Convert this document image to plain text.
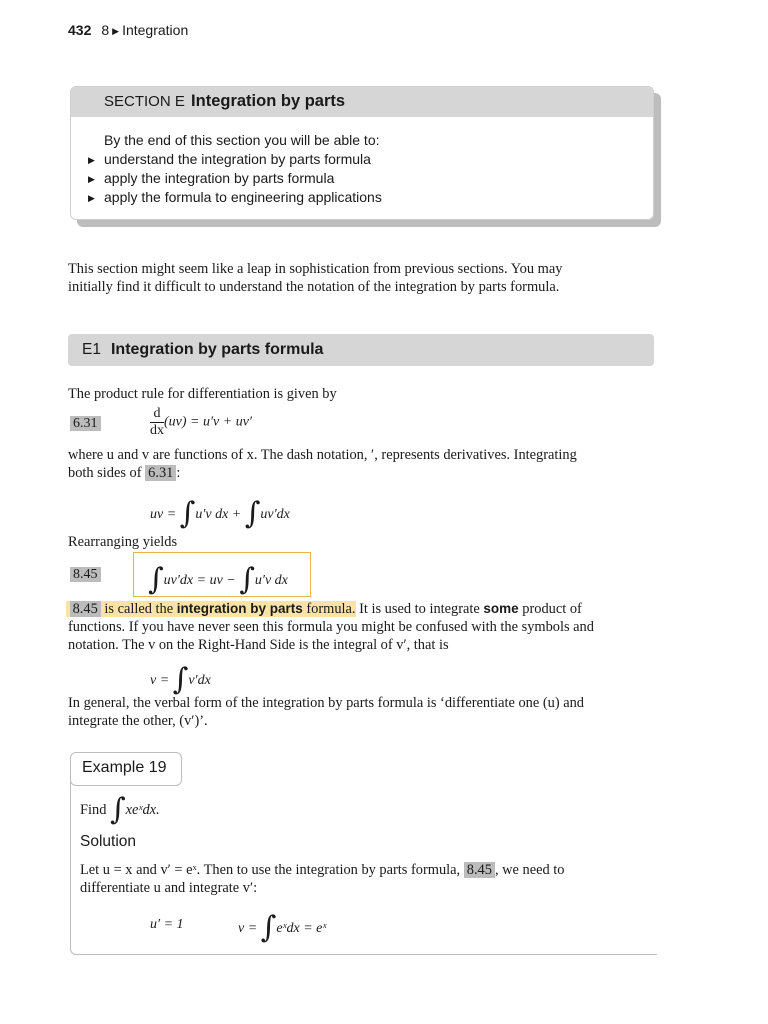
432 8 ▶ Integration
SECTION E Integration by parts
By the end of this section you will be able to:
▶ understand the integration by parts formula
▶ apply the integration by parts formula
▶ apply the formula to engineering applications
This section might seem like a leap in sophistication from previous sections. You may
initially find it difficult to understand the notation of the integration by parts formula.
E1 Integration by parts formula
The product rule for differentiation is given by
6.31	$\frac{d}{dx} (uv) = u'v + uv'$
where u and v are functions of x. The dash notation, ′, represents derivatives. Integrating
both sides of 6.31 :
uv = ∫u′v dx + ∫uv′dx
Rearranging yields
8.45 ∫uv′dx = uv − ∫u′v dx
8.45 is called the integration by parts formula. It is used to integrate some product of
functions. If you have never seen this formula you might be confused with the symbols and
notation. The v on the Right-Hand Side is the integral of v′, that is
v = ∫v′dx
In general, the verbal form of the integration by parts formula is ‘differentiate one (u) and
integrate the other, (v′)’.
Example 19
Find ∫xeˣdx.
Solution
Let u = x and v′ = eˣ. Then to use the integration by parts formula, 8.45 , we need to
differentiate u and integrate v′:
u′ = 1	v = ∫eˣdx = eˣ
